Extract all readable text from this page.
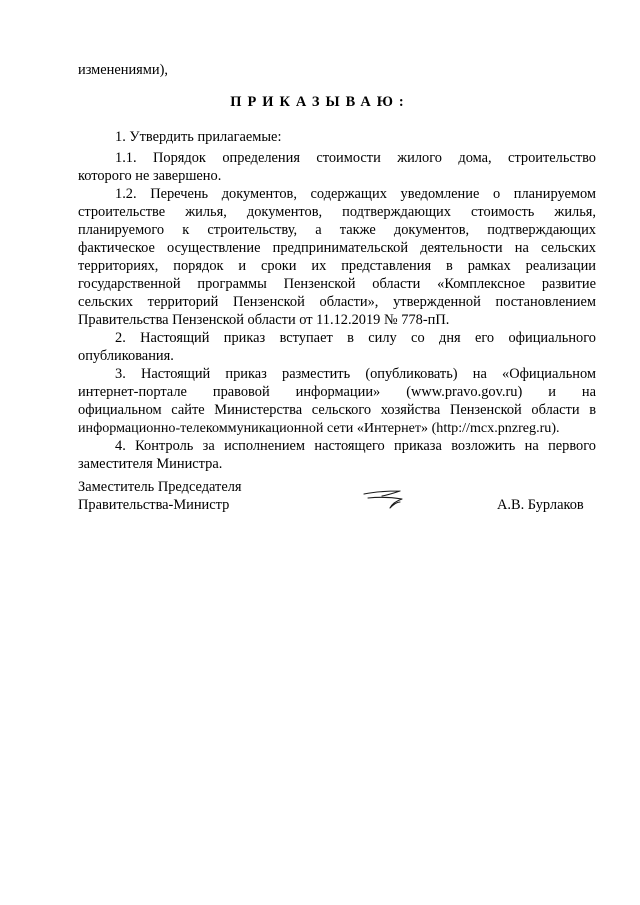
изменениями),
ПРИКАЗЫВАЮ:
1. Утвердить прилагаемые:
1.1. Порядок определения стоимости жилого дома, строительство
которого не завершено.
1.2. Перечень документов, содержащих уведомление о планируемом
строительстве жилья, документов, подтверждающих стоимость жилья,
планируемого к строительству, а также документов, подтверждающих
фактическое осуществление предпринимательской деятельности на сельских
территориях, порядок и сроки их представления в рамках реализации
государственной программы Пензенской области «Комплексное развитие
сельских территорий Пензенской области», утвержденной постановлением
Правительства Пензенской области от 11.12.2019 № 778-пП.
2. Настоящий приказ вступает в силу со дня его официального
опубликования.
3. Настоящий приказ разместить (опубликовать) на «Официальном
интернет-портале правовой информации» (www.pravo.gov.ru) и на
официальном сайте Министерства сельского хозяйства Пензенской области в
информационно-телекоммуникационной сети «Интернет» (http://mcx.pnzreg.ru).
4. Контроль за исполнением настоящего приказа возложить на первого
заместителя Министра.
Заместитель Председателя
Правительства-Министр	А.В. Бурлаков
